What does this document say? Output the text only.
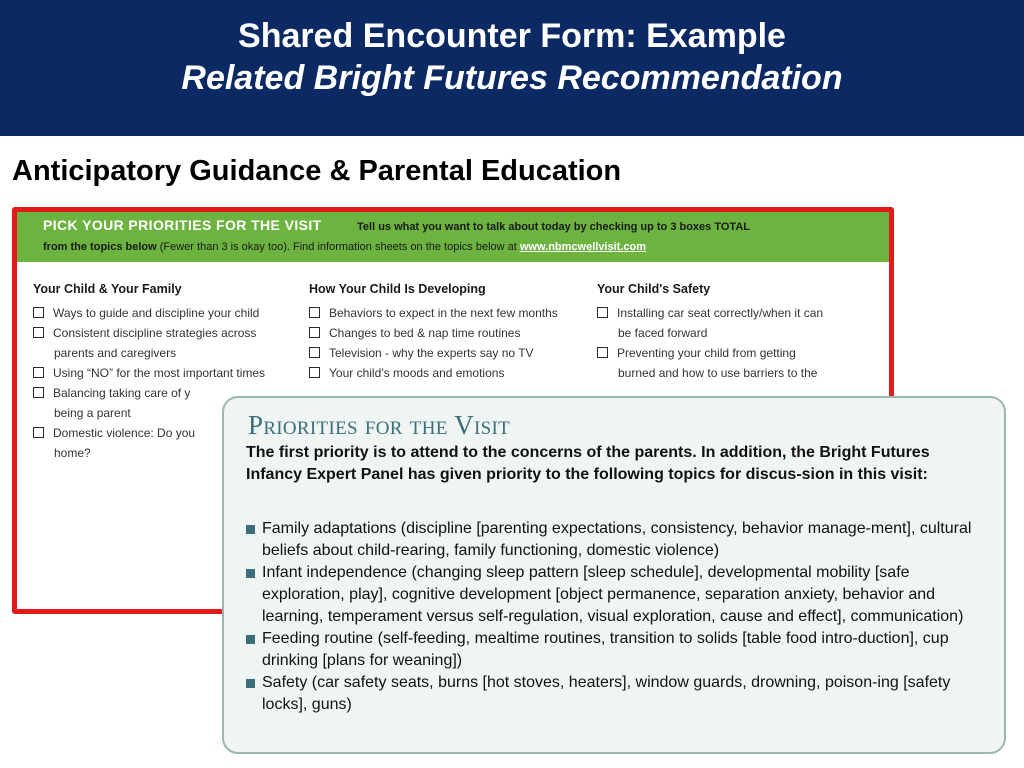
Shared Encounter Form: Example
Related Bright Futures Recommendation
Anticipatory Guidance & Parental Education
PICK YOUR PRIORITIES FOR THE VISIT	Tell us what you want to talk about today by checking up to 3 boxes TOTAL
from the topics below (Fewer than 3 is okay too). Find information sheets on the topics below at www.nbmcwellvisit.com
Your Child & Your Family
Ways to guide and discipline your child
Consistent discipline strategies across
parents and caregivers
Using “NO” for the most important times
Balancing taking care of y
being a parent
Domestic violence: Do you
home?
How Your Child Is Developing
Behaviors to expect in the next few months
Changes to bed & nap time routines
Television - why the experts say no TV
Your child’s moods and emotions
Your Child's Safety
Installing car seat correctly/when it can
be faced forward
Preventing your child from getting
burned and how to use barriers to the
Priorities for the Visit
The first priority is to attend to the concerns of the parents. In addition, the Bright Futures Infancy Expert Panel has given priority to the following topics for discus-sion in this visit:
Family adaptations (discipline [parenting expectations, consistency, behavior manage-ment], cultural beliefs about child-rearing, family functioning, domestic violence)
Infant independence (changing sleep pattern [sleep schedule], developmental mobility [safe exploration, play], cognitive development [object permanence, separation anxiety, behavior and learning, temperament versus self-regulation, visual exploration, cause and effect], communication)
Feeding routine (self-feeding, mealtime routines, transition to solids [table food intro-duction], cup drinking [plans for weaning])
Safety (car safety seats, burns [hot stoves, heaters], window guards, drowning, poison-ing [safety locks], guns)
